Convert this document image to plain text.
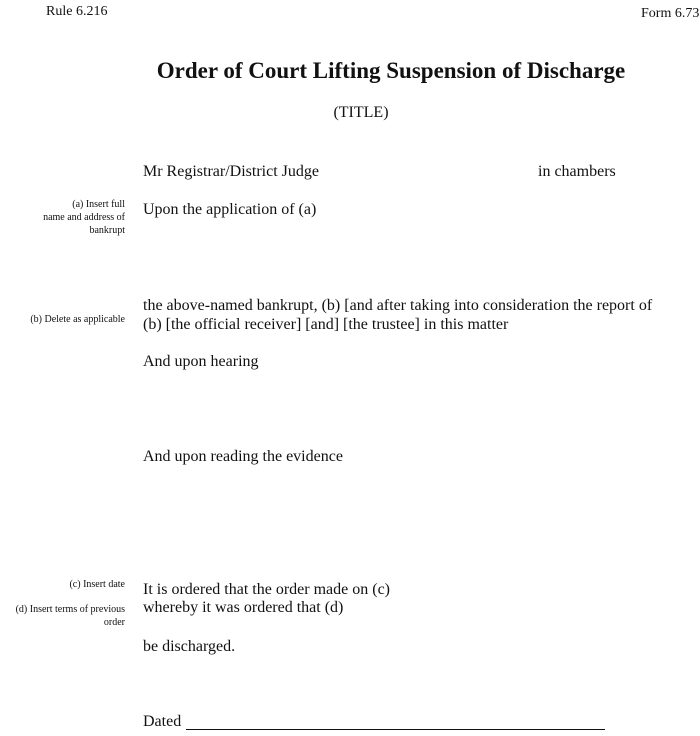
Rule 6.216	Form 6.73
Order of Court Lifting Suspension of Discharge
(TITLE)
Mr Registrar/District Judge	in chambers
(a) Insert full
name and address of
bankrupt
Upon the application of (a)
(b) Delete as applicable
the above-named bankrupt, (b) [and after taking into consideration the report of
(b) [the official receiver] [and] [the trustee] in this matter
And upon hearing
And upon reading the evidence
(c) Insert date
(d) Insert terms of previous
order
It is ordered that the order made on (c)
whereby it was ordered that (d)
be discharged.
Dated
